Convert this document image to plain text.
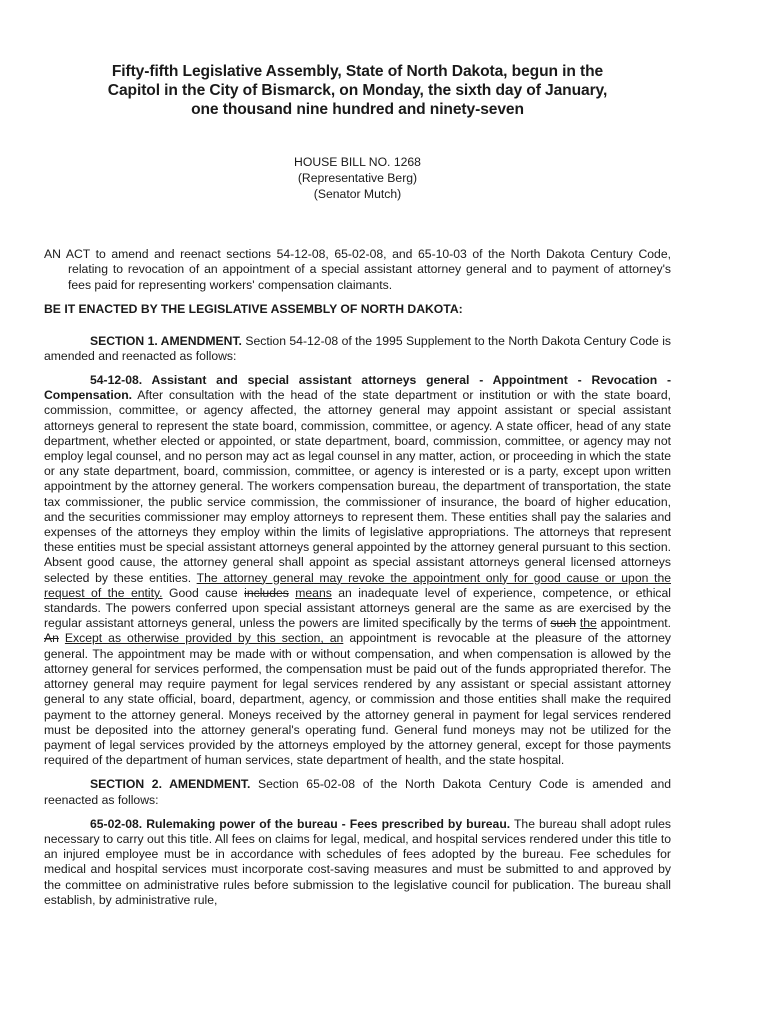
Fifty-fifth Legislative Assembly, State of North Dakota, begun in the
Capitol in the City of Bismarck, on Monday, the sixth day of January,
one thousand nine hundred and ninety-seven
HOUSE BILL NO. 1268
(Representative Berg)
(Senator Mutch)
AN ACT to amend and reenact sections 54-12-08, 65-02-08, and 65-10-03 of the North Dakota Century Code, relating to revocation of an appointment of a special assistant attorney general and to payment of attorney's fees paid for representing workers' compensation claimants.
BE IT ENACTED BY THE LEGISLATIVE ASSEMBLY OF NORTH DAKOTA:

SECTION 1. AMENDMENT. Section 54-12-08 of the 1995 Supplement to the North Dakota Century Code is amended and reenacted as follows:

54-12-08. Assistant and special assistant attorneys general - Appointment - Revocation - Compensation. After consultation with the head of the state department or institution or with the state board, commission, committee, or agency affected, the attorney general may appoint assistant or special assistant attorneys general to represent the state board, commission, committee, or agency. A state officer, head of any state department, whether elected or appointed, or state department, board, commission, committee, or agency may not employ legal counsel, and no person may act as legal counsel in any matter, action, or proceeding in which the state or any state department, board, commission, committee, or agency is interested or is a party, except upon written appointment by the attorney general. The workers compensation bureau, the department of transportation, the state tax commissioner, the public service commission, the commissioner of insurance, the board of higher education, and the securities commissioner may employ attorneys to represent them. These entities shall pay the salaries and expenses of the attorneys they employ within the limits of legislative appropriations. The attorneys that represent these entities must be special assistant attorneys general appointed by the attorney general pursuant to this section. Absent good cause, the attorney general shall appoint as special assistant attorneys general licensed attorneys selected by these entities. The attorney general may revoke the appointment only for good cause or upon the request of the entity. Good cause includes means an inadequate level of experience, competence, or ethical standards. The powers conferred upon special assistant attorneys general are the same as are exercised by the regular assistant attorneys general, unless the powers are limited specifically by the terms of such the appointment. An Except as otherwise provided by this section, an appointment is revocable at the pleasure of the attorney general. The appointment may be made with or without compensation, and when compensation is allowed by the attorney general for services performed, the compensation must be paid out of the funds appropriated therefor. The attorney general may require payment for legal services rendered by any assistant or special assistant attorney general to any state official, board, department, agency, or commission and those entities shall make the required payment to the attorney general. Moneys received by the attorney general in payment for legal services rendered must be deposited into the attorney general's operating fund. General fund moneys may not be utilized for the payment of legal services provided by the attorneys employed by the attorney general, except for those payments required of the department of human services, state department of health, and the state hospital.

SECTION 2. AMENDMENT. Section 65-02-08 of the North Dakota Century Code is amended and reenacted as follows:

65-02-08. Rulemaking power of the bureau - Fees prescribed by bureau. The bureau shall adopt rules necessary to carry out this title. All fees on claims for legal, medical, and hospital services rendered under this title to an injured employee must be in accordance with schedules of fees adopted by the bureau. Fee schedules for medical and hospital services must incorporate cost-saving measures and must be submitted to and approved by the committee on administrative rules before submission to the legislative council for publication. The bureau shall establish, by administrative rule,
